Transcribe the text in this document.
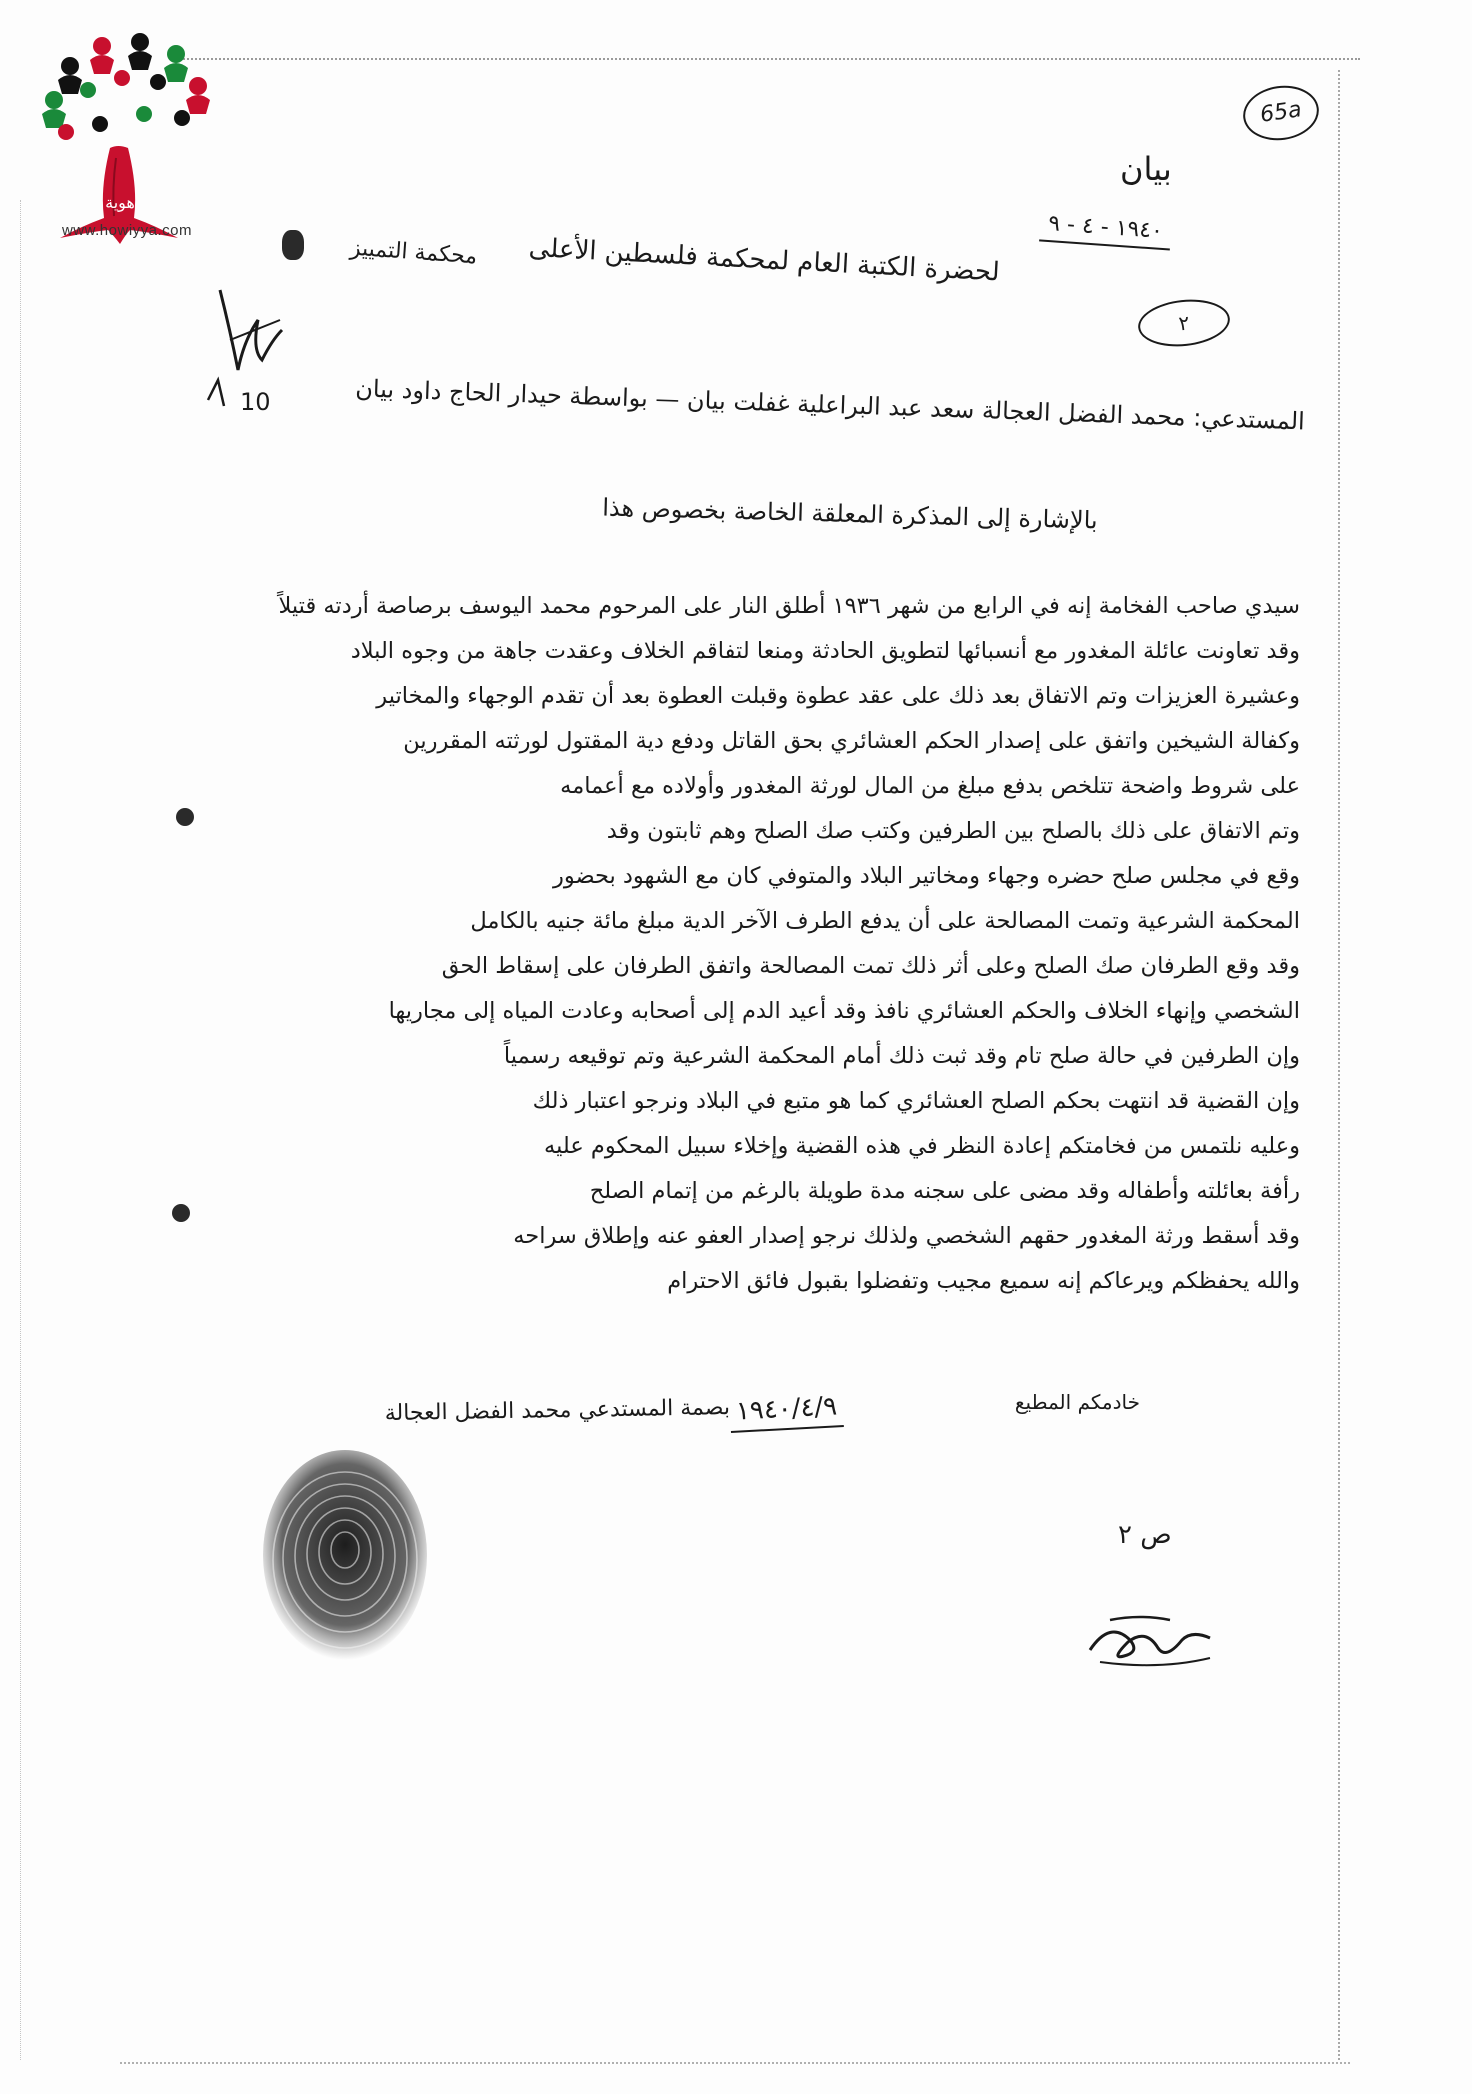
هوية
www.howiyya.com
65a
بيان
١٩٤٠ - ٤ - ٩
محكمة التمييز	لحضرة الكتبة العام لمحكمة فلسطين الأعلى
٢
10	المستدعي: محمد الفضل العجالة سعد عبد البراعلية غفلت بيان — بواسطة حيدار الحاج داود بيان
بالإشارة إلى المذكرة المعلقة الخاصة بخصوص هذا
سيدي صاحب الفخامة إنه في الرابع من شهر ١٩٣٦ أطلق النار على المرحوم محمد اليوسف برصاصة أردته قتيلاً
وقد تعاونت عائلة المغدور مع أنسبائها لتطويق الحادثة ومنعا لتفاقم الخلاف وعقدت جاهة من وجوه البلاد
وعشيرة العزيزات وتم الاتفاق بعد ذلك على عقد عطوة وقبلت العطوة بعد أن تقدم الوجهاء والمخاتير
وكفالة الشيخين واتفق على إصدار الحكم العشائري بحق القاتل ودفع دية المقتول لورثته المقررين
على شروط واضحة تتلخص بدفع مبلغ من المال لورثة المغدور وأولاده مع أعمامه
وتم الاتفاق على ذلك بالصلح بين الطرفين وكتب صك الصلح وهم ثابتون وقد
وقع في مجلس صلح حضره وجهاء ومخاتير البلاد والمتوفي كان مع الشهود بحضور
المحكمة الشرعية وتمت المصالحة على أن يدفع الطرف الآخر الدية مبلغ مائة جنيه بالكامل
وقد وقع الطرفان صك الصلح وعلى أثر ذلك تمت المصالحة واتفق الطرفان على إسقاط الحق
الشخصي وإنهاء الخلاف والحكم العشائري نافذ وقد أعيد الدم إلى أصحابه وعادت المياه إلى مجاريها
وإن الطرفين في حالة صلح تام وقد ثبت ذلك أمام المحكمة الشرعية وتم توقيعه رسمياً
وإن القضية قد انتهت بحكم الصلح العشائري كما هو متبع في البلاد ونرجو اعتبار ذلك
وعليه نلتمس من فخامتكم إعادة النظر في هذه القضية وإخلاء سبيل المحكوم عليه
رأفة بعائلته وأطفاله وقد مضى على سجنه مدة طويلة بالرغم من إتمام الصلح
وقد أسقط ورثة المغدور حقهم الشخصي ولذلك نرجو إصدار العفو عنه وإطلاق سراحه
والله يحفظكم ويرعاكم إنه سميع مجيب وتفضلوا بقبول فائق الاحترام
خادمكم المطيع
١٩٤٠/٤/٩
بصمة المستدعي محمد الفضل العجالة
ص ٢
